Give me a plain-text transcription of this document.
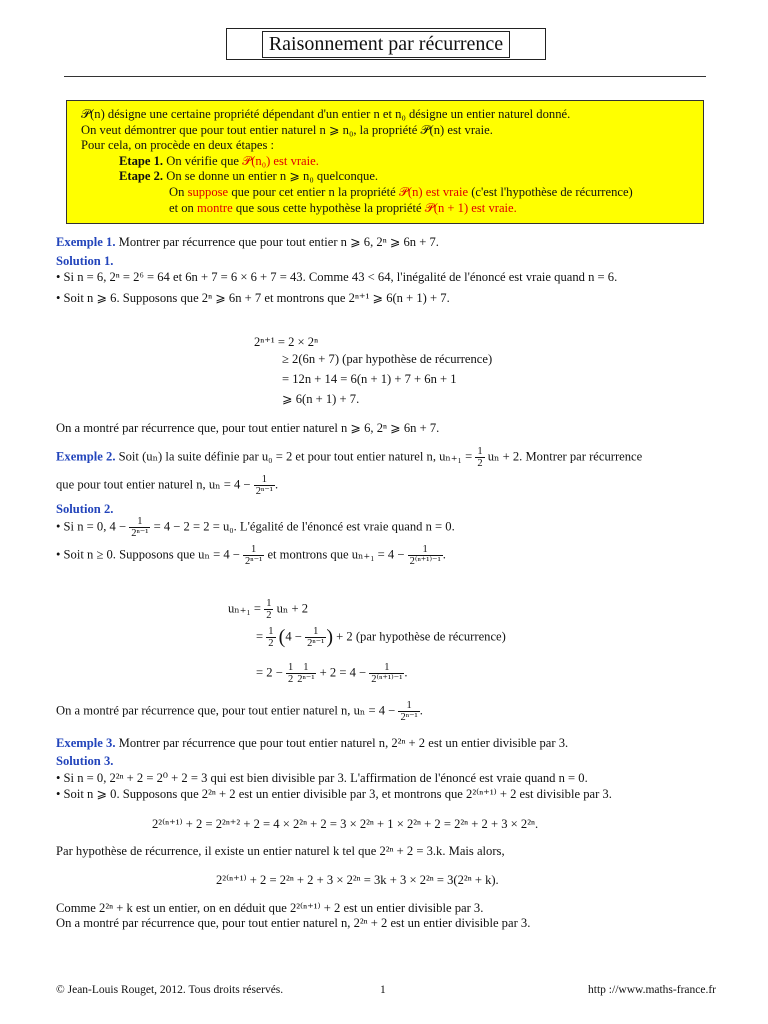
Raisonnement par récurrence
𝒫(n) désigne une certaine propriété dépendant d'un entier n et n₀ désigne un entier naturel donné.
On veut démontrer que pour tout entier naturel n ⩾ n₀, la propriété 𝒫(n) est vraie.
Pour cela, on procède en deux étapes :
Etape 1. On vérifie que 𝒫(n₀) est vraie.
Etape 2. On se donne un entier n ⩾ n₀ quelconque.
On suppose que pour cet entier n la propriété 𝒫(n) est vraie (c'est l'hypothèse de récurrence)
et on montre que sous cette hypothèse la propriété 𝒫(n + 1) est vraie.
Exemple 1. Montrer par récurrence que pour tout entier n ⩾ 6, 2ⁿ ⩾ 6n + 7.
Solution 1.
• Si n = 6, 2ⁿ = 2⁶ = 64 et 6n + 7 = 6 × 6 + 7 = 43. Comme 43 < 64, l'inégalité de l'énoncé est vraie quand n = 6.
• Soit n ⩾ 6. Supposons que 2ⁿ ⩾ 6n + 7 et montrons que 2ⁿ⁺¹ ⩾ 6(n + 1) + 7.
2ⁿ⁺¹ = 2 × 2ⁿ
≥ 2(6n + 7) (par hypothèse de récurrence)
= 12n + 14 = 6(n + 1) + 7 + 6n + 1
⩾ 6(n + 1) + 7.
On a montré par récurrence que, pour tout entier naturel n ⩾ 6, 2ⁿ ⩾ 6n + 7.
Exemple 2. Soit (uₙ) la suite définie par u₀ = 2 et pour tout entier naturel n, $u_{n+1} = \frac{1}{2}$ uₙ + 2. Montrer par récurrence
que pour tout entier naturel n, $u_n = 4 - \frac{1}{\text{2ⁿ⁻¹}}$ .
Solution 2.
• Si n = 0, $4 - \frac{1}{\text{2ⁿ⁻¹}} = 4 - 2 = 2 = u_0$. L'égalité de l'énoncé est vraie quand n = 0.
• Soit n ≥ 0. Supposons que $u_n = 4 - \frac{1}{\text{2ⁿ⁻¹}}$ et montrons que $u_{n+1} = 4 - \frac{1}{\text{2⁽ⁿ⁺¹⁾⁻¹}}$ .
$u_{n+1} = \frac{1}{2}$ uₙ + 2
= $\frac{1}{2} (4 - \frac{1}{\text{2ⁿ⁻¹}}$ ) + 2 (par hypothèse de récurrence)
= $2 - \frac{1}{2} \frac{1}{\text{2ⁿ⁻¹}} + 2 = 4 - \frac{1}{\text{2⁽ⁿ⁺¹⁾⁻¹}}$ .
On a montré par récurrence que, pour tout entier naturel n, $u_n = 4 - \frac{1}{\text{2ⁿ⁻¹}}$ .
Exemple 3. Montrer par récurrence que pour tout entier naturel n, 2²ⁿ + 2 est un entier divisible par 3.
Solution 3.
• Si n = 0, 2²ⁿ + 2 = 2⁰ + 2 = 3 qui est bien divisible par 3. L'affirmation de l'énoncé est vraie quand n = 0.
• Soit n ⩾ 0. Supposons que 2²ⁿ + 2 est un entier divisible par 3, et montrons que 2²⁽ⁿ⁺¹⁾ + 2 est divisible par 3.
2²⁽ⁿ⁺¹⁾ + 2 = 2²ⁿ⁺² + 2 = 4 × 2²ⁿ + 2 = 3 × 2²ⁿ + 1 × 2²ⁿ + 2 = 2²ⁿ + 2 + 3 × 2²ⁿ.
Par hypothèse de récurrence, il existe un entier naturel k tel que 2²ⁿ + 2 = 3.k. Mais alors,
2²⁽ⁿ⁺¹⁾ + 2 = 2²ⁿ + 2 + 3 × 2²ⁿ = 3k + 3 × 2²ⁿ = 3(2²ⁿ + k).
Comme 2²ⁿ + k est un entier, on en déduit que 2²⁽ⁿ⁺¹⁾ + 2 est un entier divisible par 3.
On a montré par récurrence que, pour tout entier naturel n, 2²ⁿ + 2 est un entier divisible par 3.
© Jean-Louis Rouget, 2012. Tous droits réservés.	1	http ://www.maths-france.fr
